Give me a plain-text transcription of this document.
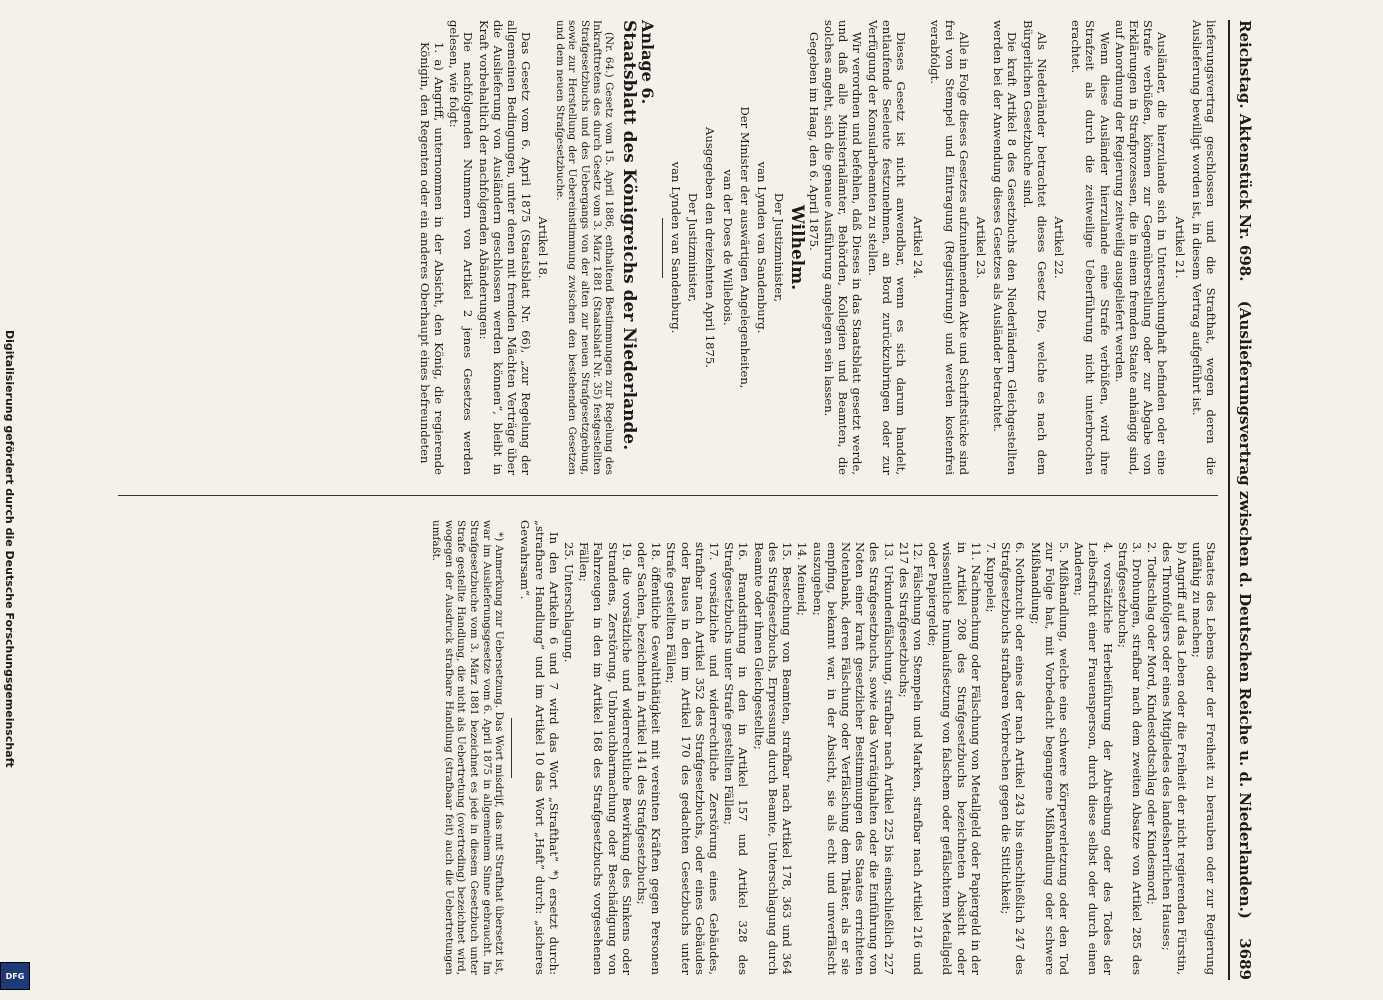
Reichstag. Aktenstück Nr. 698.
(Auslieferungsvertrag zwischen d. Deutschen Reiche u. d. Niederlanden.)
3689

lieferungsvertrag geschlossen und die Strafthat, wegen deren die Auslieferung bewilligt worden ist, in diesem Vertrag aufgeführt ist.

Artikel 21.

Ausländer, die hierzulande sich in Untersuchunghaft befinden oder eine Strafe verbüßen, können zur Gegenüberstellung oder zur Abgabe von Erklärungen in Strafprozessen, die in einem fremden Staate anhängig sind, auf Anordnung der Regierung zeitweilig ausgeliefert werden.

Wenn diese Ausländer hierzulande eine Strafe verbüßen, wird ihre Strafzeit als durch die zeitweilige Ueberführung nicht unterbrochen erachtet.

Artikel 22.

Als Niederländer betrachtet dieses Gesetz Die, welche es nach dem Bürgerlichen Gesetzbuche sind.

Die kraft Artikel 8 des Gesetzbuchs den Niederländern Gleichgestellten werden bei der Anwendung dieses Gesetzes als Ausländer betrachtet.

Artikel 23.

Alle in Folge dieses Gesetzes aufzunehmenden Akte und Schriftstücke sind frei von Stempel und Eintragung (Registrirung) und werden kostenfrei verabfolgt.

Artikel 24.

Dieses Gesetz ist nicht anwendbar, wenn es sich darum handelt, entlaufende Seeleute festzunehmen, an Bord zurückzubringen oder zur Verfügung der Konsularbeamten zu stellen.

Wir verordnen und befehlen, daß Dieses in das Staatsblatt gesetzt werde, und daß alle Ministerialämter, Behörden, Kollegien und Beamten, die solches angeht, sich die genaue Ausführung angelegen sein lassen.

Gegeben im Haag, den 6. April 1875.

Wilhelm.

Der Justizminister,

van Lynden van Sandenburg.

Der Minister der auswärtigen Angelegenheiten,

van der Does de Willebois.

Ausgegeben den dreizehnten April 1875.

Der Justizminister,

van Lynden van Sandenburg.

Anlage 6.

Staatsblatt des Königreichs der Niederlande.

(Nr. 64.) Gesetz vom 15. April 1886, enthaltend Bestimmungen zur Regelung des Inkrafttretens des durch Gesetz vom 3. März 1881 (Staatsblatt Nr. 35) festgestellten Strafgesetzbuchs und des Uebergangs von der alten zur neuen Strafgesetzgebung, sowie zur Herstellung der Uebereinstimmung zwischen den bestehenden Gesetzen und dem neuen Strafgesetzbuche.

Artikel 18.

Das Gesetz vom 6. April 1875 (Staatsblatt Nr. 66), „zur Regelung der allgemeinen Bedingungen, unter denen mit fremden Mächten Verträge über die Auslieferung von Ausländern geschlossen werden können“, bleibt in Kraft vorbehaltlich der nachfolgenden Abänderungen:

Die nachfolgenden Nummern von Artikel 2 jenes Gesetzes werden gelesen, wie folgt:

1. a) Angriff, unternommen in der Absicht, den König, die regierende Königin, den Regenten oder ein anderes Oberhaupt eines befreundeten

Staates des Lebens oder der Freiheit zu berauben oder zur Regierung unfähig zu machen;

b) Angriff auf das Leben oder die Freiheit der nicht regierenden Fürstin, des Thronfolgers oder eines Mitgliedes des landesherrlichen Hauses;

2. Todtschlag oder Mord, Kindestodtschlag oder Kindesmord;

3. Drohungen, strafbar nach dem zweiten Absatze von Artikel 285 des Strafgesetzbuchs;

4. vorsätzliche Herbeiführung der Abtreibung oder des Todes der Leibesfrucht einer Frauensperson, durch diese selbst oder durch einen Anderen;

5. Mißhandlung, welche eine schwere Körperverletzung oder den Tod zur Folge hat, mit Vorbedacht begangene Mißhandlung oder schwere Mißhandlung;

6. Nothzucht oder eines der nach Artikel 243 bis einschließlich 247 des Strafgesetzbuchs strafbaren Verbrechen gegen die Sittlichkeit;

7. Kuppelei;

11. Nachmachung oder Fälschung von Metallgeld oder Papiergeld in der in Artikel 208 des Strafgesetzbuchs bezeichneten Absicht oder wissentliche Inumlaufsetzung von falschem oder gefälschtem Metallgeld oder Papiergelde;

12. Fälschung von Stempeln und Marken, strafbar nach Artikel 216 und 217 des Strafgesetzbuchs;

13. Urkundenfälschung, strafbar nach Artikel 225 bis einschließlich 227 des Strafgesetzbuchs, sowie das Vorrätighalten oder die Einführung von Noten einer kraft gesetzlicher Bestimmungen des Staates errichteten Notenbank, deren Fälschung oder Verfälschung dem Thäter, als er sie empfing, bekannt war, in der Absicht, sie als echt und unverfälscht auszugeben;

14. Meineid;

15. Bestechung von Beamten, strafbar nach Artikel 178, 363 und 364 des Strafgesetzbuchs, Erpressung durch Beamte, Unterschlagung durch Beamte oder ihnen Gleichgestellte;

16. Brandstiftung in den in Artikel 157 und Artikel 328 des Strafgesetzbuchs unter Strafe gestellten Fällen;

17. vorsätzliche und widerrechtliche Zerstörung eines Gebäudes, strafbar nach Artikel 352 des Strafgesetzbuchs, oder eines Gebäudes oder Baues in den im Artikel 170 des gedachten Gesetzbuchs unter Strafe gestellten Fällen;

18. öffentliche Gewaltthätigkeit mit vereinten Kräften gegen Personen oder Sachen, bezeichnet in Artikel 141 des Strafgesetzbuchs;

19. die vorsätzliche und widerrechtliche Bewirkung des Sinkens oder Strandens, Zerstörung, Unbrauchbarmachung oder Beschädigung von Fahrzeugen in den im Artikel 168 des Strafgesetzbuchs vorgesehenen Fällen;

25. Unterschlagung.

In den Artikeln 6 und 7 wird das Wort „Strafthat“ *) ersetzt durch: „strafbare Handlung“ und im Artikel 10 das Wort „Haft“ durch: „sicheres Gewahrsam“.

*) Anmerkung zur Uebersetzung. Das Wort misdrijf, das mit Strafthat übersetzt ist, war im Auslieferungsgesetze vom 6. April 1875 in allgemeinem Sinne gebraucht. Im Strafgesetzbuche vom 3. März 1881 bezeichnet es jede in diesem Gesetzbuch unter Strafe gestellte Handlung, die nicht als Uebertretung (overtreding) bezeichnet wird, wogegen der Ausdruck strafbare Handlung (strafbaar feit) auch die Uebertretungen umfaßt.

Digitalisierung gefördert durch die Deutsche Forschungsgemeinschaft
DFG
